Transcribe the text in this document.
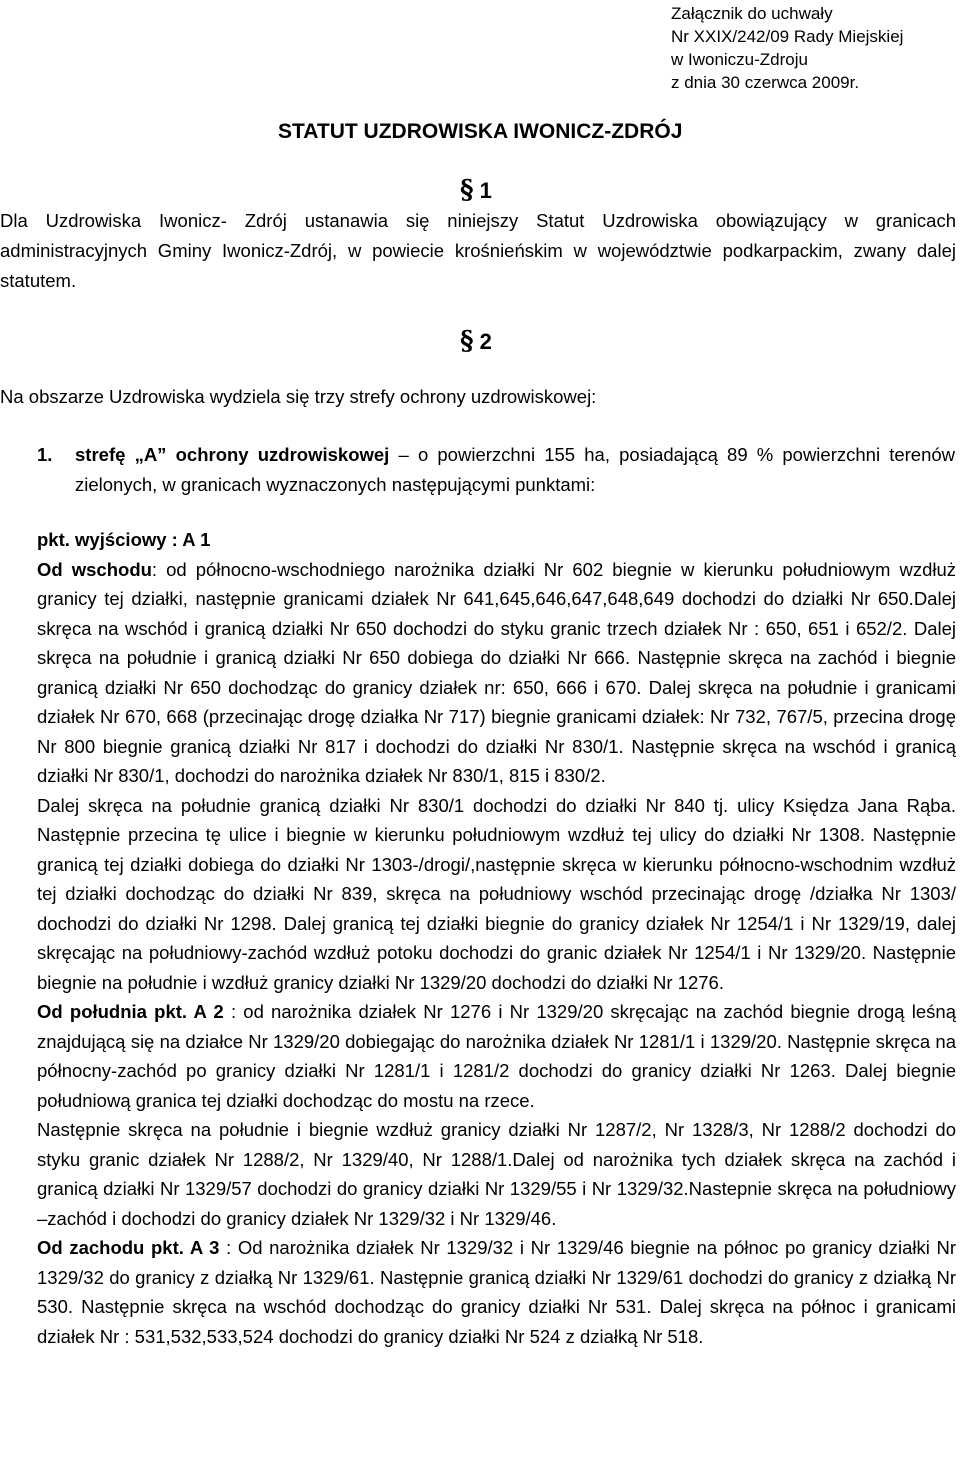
Załącznik do uchwały
Nr XXIX/242/09 Rady Miejskiej
w Iwoniczu-Zdroju
z dnia 30 czerwca 2009r.
STATUT UZDROWISKA IWONICZ-ZDRÓJ
§ 1
Dla Uzdrowiska Iwonicz- Zdrój ustanawia się niniejszy Statut Uzdrowiska obowiązujący w granicach administracyjnych Gminy Iwonicz-Zdrój, w powiecie krośnieńskim w województwie podkarpackim, zwany dalej statutem.
§ 2
Na obszarze Uzdrowiska wydziela się trzy strefy ochrony uzdrowiskowej:
1. strefę „A” ochrony uzdrowiskowej – o powierzchni 155 ha, posiadającą 89 % powierzchni terenów zielonych, w granicach wyznaczonych następującymi punktami:

pkt. wyjściowy : A 1

Od wschodu: od północno-wschodniego narożnika działki Nr 602 biegnie w kierunku południowym wzdłuż granicy tej działki, następnie granicami działek Nr 641,645,646,647,648,649 dochodzi do działki Nr 650.Dalej skręca na wschód i granicą działki Nr 650 dochodzi do styku granic trzech działek Nr : 650, 651 i 652/2. Dalej skręca na południe i granicą działki Nr 650 dobiega do działki Nr 666. Następnie skręca na zachód i biegnie granicą działki Nr 650 dochodząc do granicy działek nr: 650, 666 i 670. Dalej skręca na południe i granicami działek Nr 670, 668 (przecinając drogę działka Nr 717) biegnie granicami działek: Nr 732, 767/5, przecina drogę Nr 800 biegnie granicą działki Nr 817 i dochodzi do działki Nr 830/1. Następnie skręca na wschód i granicą działki Nr 830/1, dochodzi do narożnika działek Nr 830/1, 815 i 830/2.

Dalej skręca na południe granicą działki Nr 830/1 dochodzi do działki Nr 840 tj. ulicy Księdza Jana Rąba. Następnie przecina tę ulice i biegnie w kierunku południowym wzdłuż tej ulicy do działki Nr 1308. Następnie granicą tej działki dobiega do działki Nr 1303-/drogi/,następnie skręca w kierunku północno-wschodnim wzdłuż tej działki dochodząc do działki Nr 839, skręca na południowy wschód przecinając drogę /działka Nr 1303/ dochodzi do działki Nr 1298. Dalej granicą tej działki biegnie do granicy działek Nr 1254/1 i Nr 1329/19, dalej skręcając na południowy-zachód wzdłuż potoku dochodzi do granic działek Nr 1254/1 i Nr 1329/20. Następnie biegnie na południe i wzdłuż granicy działki Nr 1329/20 dochodzi do działki Nr 1276.

Od południa pkt. A 2 : od narożnika działek Nr 1276 i Nr 1329/20 skręcając na zachód biegnie drogą leśną znajdującą się na działce Nr 1329/20 dobiegając do narożnika działek Nr 1281/1 i 1329/20. Następnie skręca na północny-zachód po granicy działki Nr 1281/1 i 1281/2 dochodzi do granicy działki Nr 1263. Dalej biegnie południową granica tej działki dochodząc do mostu na rzece.

Następnie skręca na południe i biegnie wzdłuż granicy działki Nr 1287/2, Nr 1328/3, Nr 1288/2 dochodzi do styku granic działek Nr 1288/2, Nr 1329/40, Nr 1288/1.Dalej od narożnika tych działek skręca na zachód i granicą działki Nr 1329/57 dochodzi do granicy działki Nr 1329/55 i Nr 1329/32.Nastepnie skręca na południowy –zachód i dochodzi do granicy działek Nr 1329/32 i Nr 1329/46.

Od zachodu pkt. A 3 : Od narożnika działek Nr 1329/32 i Nr 1329/46 biegnie na północ po granicy działki Nr 1329/32 do granicy z działką Nr 1329/61. Następnie granicą działki Nr 1329/61 dochodzi do granicy z działką Nr 530. Następnie skręca na wschód dochodząc do granicy działki Nr 531. Dalej skręca na północ i granicami działek Nr : 531,532,533,524 dochodzi do granicy działki Nr 524 z działką Nr 518.
